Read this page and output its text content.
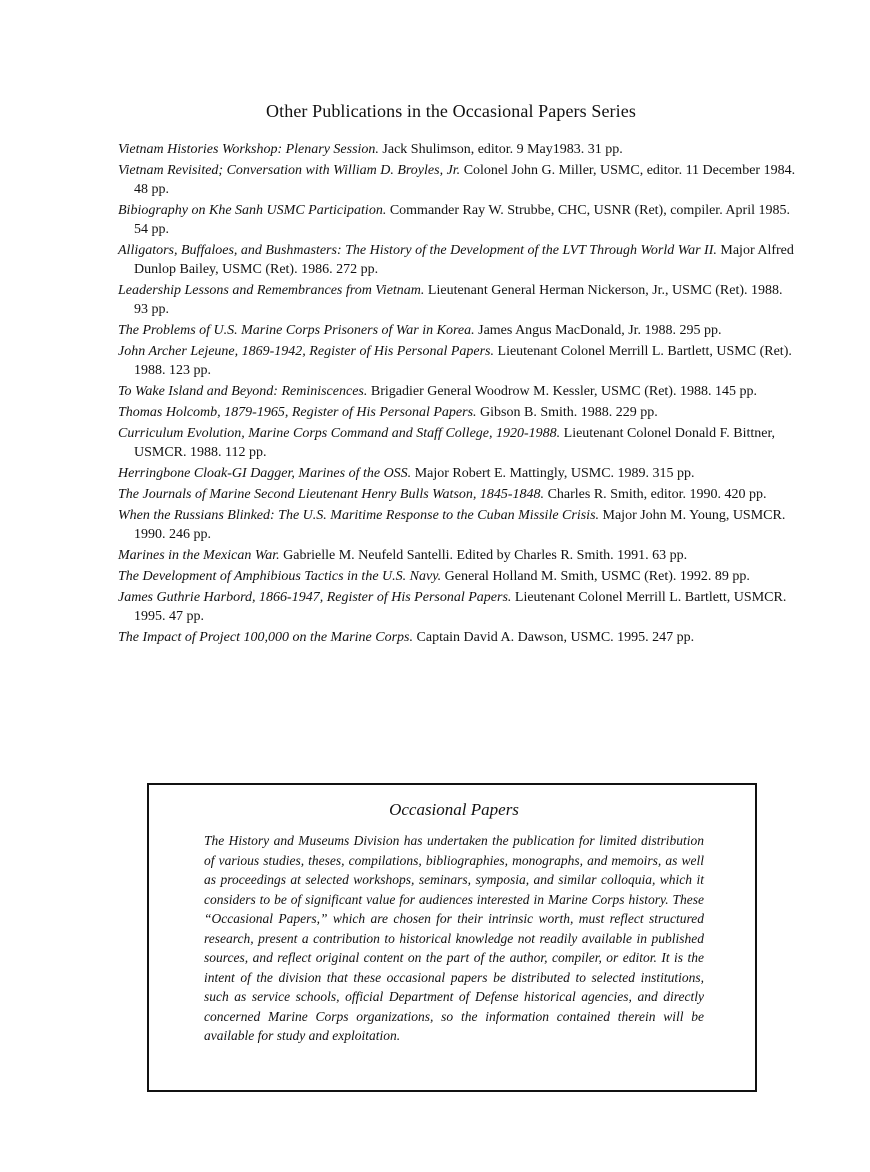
Other Publications in the Occasional Papers Series
Vietnam Histories Workshop: Plenary Session. Jack Shulimson, editor. 9 May1983. 31 pp.
Vietnam Revisited; Conversation with William D. Broyles, Jr. Colonel John G. Miller, USMC, editor. 11 December 1984. 48 pp.
Bibiography on Khe Sanh USMC Participation. Commander Ray W. Strubbe, CHC, USNR (Ret), compiler. April 1985. 54 pp.
Alligators, Buffaloes, and Bushmasters: The History of the Development of the LVT Through World War II. Major Alfred Dunlop Bailey, USMC (Ret). 1986. 272 pp.
Leadership Lessons and Remembrances from Vietnam. Lieutenant General Herman Nickerson, Jr., USMC (Ret). 1988. 93 pp.
The Problems of U.S. Marine Corps Prisoners of War in Korea. James Angus MacDonald, Jr. 1988. 295 pp.
John Archer Lejeune, 1869-1942, Register of His Personal Papers. Lieutenant Colonel Merrill L. Bartlett, USMC (Ret). 1988. 123 pp.
To Wake Island and Beyond: Reminiscences. Brigadier General Woodrow M. Kessler, USMC (Ret). 1988. 145 pp.
Thomas Holcomb, 1879-1965, Register of His Personal Papers. Gibson B. Smith. 1988. 229 pp.
Curriculum Evolution, Marine Corps Command and Staff College, 1920-1988. Lieutenant Colonel Donald F. Bittner, USMCR. 1988. 112 pp.
Herringbone Cloak-GI Dagger, Marines of the OSS. Major Robert E. Mattingly, USMC. 1989. 315 pp.
The Journals of Marine Second Lieutenant Henry Bulls Watson, 1845-1848. Charles R. Smith, editor. 1990. 420 pp.
When the Russians Blinked: The U.S. Maritime Response to the Cuban Missile Crisis. Major John M. Young, USMCR. 1990. 246 pp.
Marines in the Mexican War. Gabrielle M. Neufeld Santelli. Edited by Charles R. Smith. 1991. 63 pp.
The Development of Amphibious Tactics in the U.S. Navy. General Holland M. Smith, USMC (Ret). 1992. 89 pp.
James Guthrie Harbord, 1866-1947, Register of His Personal Papers. Lieutenant Colonel Merrill L. Bartlett, USMCR. 1995. 47 pp.
The Impact of Project 100,000 on the Marine Corps. Captain David A. Dawson, USMC. 1995. 247 pp.
Occasional Papers
The History and Museums Division has undertaken the publication for limited distribution of various studies, theses, compilations, bibliographies, monographs, and memoirs, as well as proceedings at selected workshops, seminars, symposia, and similar colloquia, which it considers to be of significant value for audiences interested in Marine Corps history. These “Occasional Papers,” which are chosen for their intrinsic worth, must reflect structured research, present a contribution to historical knowledge not readily available in published sources, and reflect original content on the part of the author, compiler, or editor. It is the intent of the division that these occasional papers be distributed to selected institutions, such as service schools, official Department of Defense historical agencies, and directly concerned Marine Corps organizations, so the information contained therein will be available for study and exploitation.
